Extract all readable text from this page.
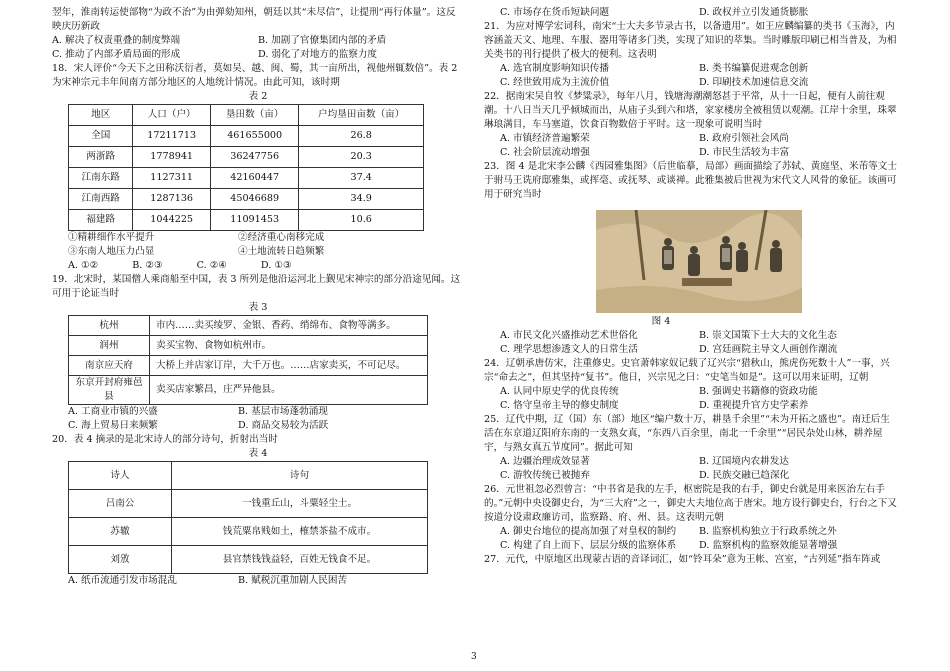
翌年，淮南转运使部物“为政不治”为由弹劾知州，朝廷以其“未尽信”，让提刑“再行体量”。这反映庆历新政

A. 解决了权责重叠的制度弊端	B. 加剧了官僚集团内部的矛盾
C. 推动了内部矛盾局面的形成	D. 弱化了对地方的监察力度

18．宋人评价“今天下之田称沃衍者，莫如吴、越、闽、蜀，其一亩所出，视他州辄数倍”。表 2为宋神宗元丰年间南方部分地区的人地统计情况。由此可知，该时期

表 2

地区	人口（户）	垦田数（亩）	户均垦田亩数（亩）
全国	17211713	461655000	26.8
两浙路	1778941	36247756	20.3
江南东路	1127311	42160447	37.4
江南西路	1287136	45046689	34.9
福建路	1044225	11091453	10.6
①精耕细作水平提升	②经济重心南移完成
③东南人地压力凸显	④土地流转日趋频繁
A. ①②	B. ②③	C. ②④	D. ①③

19．北宋时，某国僧人乘商船至中国，表 3 所列是他沿运河北上觐见宋神宗的部分沿途见闻。这可用于论证当时

表 3

杭州	市内……卖买绫罗、金银、香药、绡绵布、食物等满多。
润州	卖买宝物、食物如杭州市。
南京应天府	大桥上并店家订岸，大千万也。……店家卖买，不可记尽。
东京开封府雍邑县	卖买店家繁昌，庄严异他县。
A. 工商业市镇的兴盛	B. 基层市场蓬勃涌现
C. 海上贸易日来频繁	D. 商品交易较为活跃

20．表 4 摘录的是北宋诗人的部分诗句，折射出当时

表 4

诗人	诗句
吕南公	一钱重丘山，斗粟轻尘土。
苏辙	钱荒粟帛贱如土，榷禁茶盐不成市。
刘攽	县官禁钱钱益轻，百姓无钱食不足。
A. 纸币流通引发市场混乱	B. 赋税沉重加剧人民困苦
C. 市场存在货币短缺问题	D. 政权并立引发通货膨胀

21．为应对博学宏词科，南宋“士大夫多节录古书，以备遗用”。如王应麟编纂的类书《玉海》，内容涵盖天文、地理、车服、器用等诸多门类，实现了知识的萃集。当时雕版印刷已相当普及，为相关类书的刊行提供了极大的便利。这表明

A. 选官制度影响知识传播	B. 类书编纂促进观念创新
C. 经世致用成为主流价值	D. 印刷技术加速信息交流

22．据南宋吴自牧《梦粱录》，每年八月，钱塘海潮潮怒甚于平常，从十一日起，便有人前往观潮。十八日当天几乎倾城而出，从庙子头到六和塔，家家楼房全被租赁以观潮。江岸十余里，珠翠琳琅满目，车马塞道，饮食百物数倍于平时。这一现象可说明当时

A. 市镇经济普遍繁荣	B. 政府引领社会风尚
C. 社会阶层流动增强	D. 市民生活较为丰富

23．图 4 是北宋李公麟《西园雅集图》（后世临摹，局部）画面描绘了苏轼、黄庭坚、米芾等文士于驸马王诜府邸雅集，或挥毫、或抚琴、或谈禅。此雅集被后世视为宋代文人风骨的象征。该画可用于研究当时

图 4

A. 市民文化兴盛推动艺术世俗化	B. 崇文国策下士大夫的文化生态
C. 理学思想渗透文人的日常生活	D. 宫廷画院主导文人画创作潮流

24．辽朝承唐仿宋，注重修史。史官萧韩家奴记载了辽兴宗“猎秋山，熊虎伤死数十人”一事，兴宗“命去之”，但其坚持“复书”。他日，兴宗见之曰：“史笔当如是”。这可以用来证明，辽朝

A. 认同中原史学的优良传统	B. 强调史书籍修的资政功能
C. 恪守皇帝主导的修史制度	D. 重视提升官方史学素养

25．辽代中期，辽（国）东（部）地区“编户数十万，耕垦千余里”“未为开拓之盛也”。南迁后生活在东京道辽阳府东南的一支熟女真，“东西八百余里，南北一千余里”“居民杂处山林，耕养屋宇，与熟女真五节度同”。据此可知

A. 边疆治理成效显著	B. 辽国境内农耕发达
C. 游牧传统已被抛弃	D. 民族交融已趋深化

26．元世祖忽必烈曾言：“中书省是我的左手，枢密院是我的右手，御史台就是用来医治左右手的。”元朝中央设御史台，为“三大府”之一，御史大夫地位高于唐宋。地方设行御史台，行台之下又按道分设肃政廉访司，监察路、府、州、县。这表明元朝

A. 御史台地位的提高加强了对皇权的制约	B. 监察机构独立于行政系统之外
C. 构建了自上而下、层层分级的监察体系	D. 监察机构的监察效能显著增强

27．元代，中原地区出现蒙古语的音译词汇，如“铃耳朵”意为王帐、宫室，“古列延”指车阵或

3
